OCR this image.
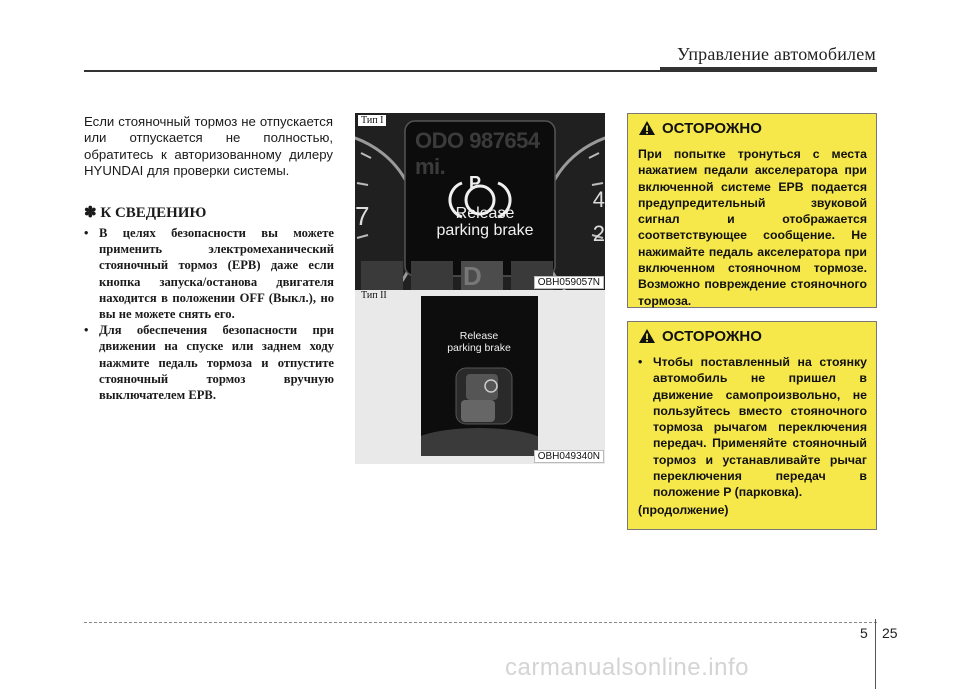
Управление автомобилем
Если стояночный тормоз не отпускается или отпускается не полностью, обратитесь к авторизованному дилеру HYUNDAI для проверки системы.
✽ К СВЕДЕНИЮ
• В целях безопасности вы можете применить электромеханический стояночный тормоз (EPB) даже если кнопка запуска/останова двигателя находится в положении OFF (Выкл.), но вы не можете снять его.
• Для обеспечения безопасности при движении на спуске или заднем ходу нажмите педаль тормоза и отпустите стояночный тормоз вручную выключателем EPB.
ODO 987654 mi.
7
4
2
D
P
Release
parking brake
Тип I
OBH059057N
Тип II
Release
parking brake
OBH049340N
ОСТОРОЖНО
При попытке тронуться с места нажатием педали акселератора при включенной системе EPB подается предупредительный звуковой сигнал и отображается соответствующее сообщение. Не нажимайте педаль акселератора при включенном стояночном тормозе. Возможно повреждение стояночного тормоза.
ОСТОРОЖНО
• Чтобы поставленный на стоянку автомобиль не пришел в движение самопроизвольно, не пользуйтесь вместо стояночного тормоза рычагом переключения передач. Применяйте стояночный тормоз и устанавливайте рычаг переключения передач в положение P (парковка).
(продолжение)
5 25
carmanualsonline.info
